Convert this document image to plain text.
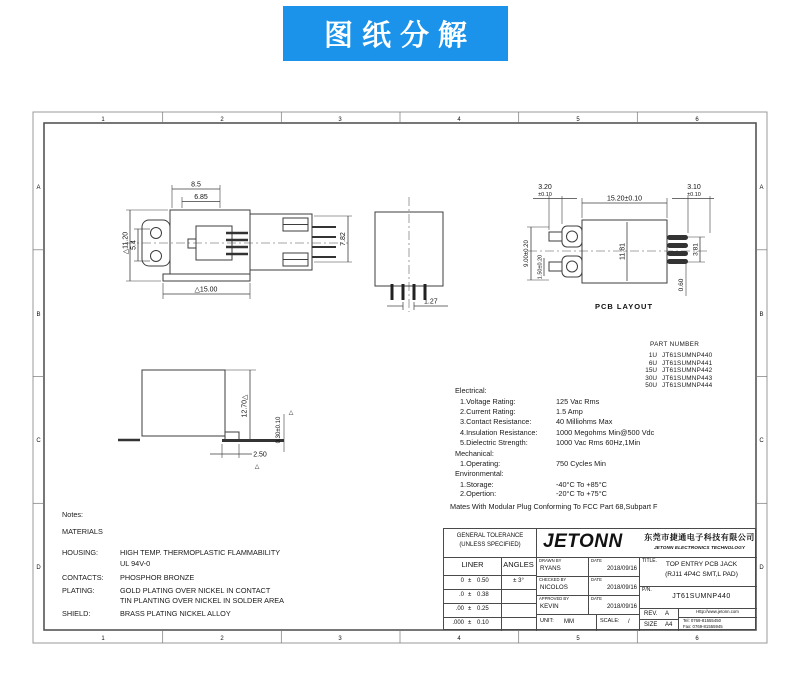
图纸分解
1	2	3	4	5	6
1	2	3	4	5	6
A
B
C
D
A
B
C
D
8.5
6.85
△11.20 5.4	7.82
△15.00
1.27
15.20±0.10
3.20
±0.10
3.10
±0.10
9.00±0.20
1.50±0.20
11.81	3.81
0.60
PCB LAYOUT
12.70△
0.30±0.10
△
2.50
△
PART NUMBER
1U JT61SUMNP440
6U JT61SUMNP441
15U JT61SUMNP442
30U JT61SUMNP443
50U JT61SUMNP444
Electrical:
1.Voltage Rating:	125 Vac Rms
2.Current Rating:	1.5 Amp
3.Contact Resistance:	40 Milliohms Max
4.Insulation Resistance:	1000 Megohms Min@500 Vdc
5.Dielectric Strength:	1000 Vac Rms 60Hz,1Min
Mechanical:
1.Operating:	750 Cycles Min
Environmental:
1.Storage:	-40°C To +85°C
2.Opertion:	-20°C To +75°C
Mates With Modular Plug Conforming To FCC Part 68,Subpart F
Notes:
MATERIALS
HOUSING:	HIGH TEMP. THERMOPLASTIC FLAMMABILITY
UL 94V-0
CONTACTS:	PHOSPHOR BRONZE
PLATING:	GOLD PLATING OVER NICKEL IN CONTACT
TIN PLANTING OVER NICKEL IN SOLDER AREA
SHIELD:	BRASS PLATING NICKEL ALLOY
GENERAL TOLERANCE
(UNLESS SPECIFIED)
LINER	ANGLES
0 ± 0.50
.0 ± 0.38
.00 ± 0.25
.000 ± 0.10
± 3°
JETONN	东莞市捷通电子科技有限公司
JETONN ELECTRONICS TECHNOLOGY
DRAWN BY
RYANS
DATE
2018/09/16
CHECKED BY
NICOLOS
DATE
2018/09/16
APPROVED BY
KEVIN
DATE
2018/09/16
UNIT: MM	SCALE: /
TITLE.	TOP ENTRY PCB JACK
(RJ11 4P4C SMT,L PAD)
P/N.
JT61SUMNP440
REV. A
SIZE A4
Http://www.jetonn.com
Tel: 0769-81555450
Fax: 0769-81555945
